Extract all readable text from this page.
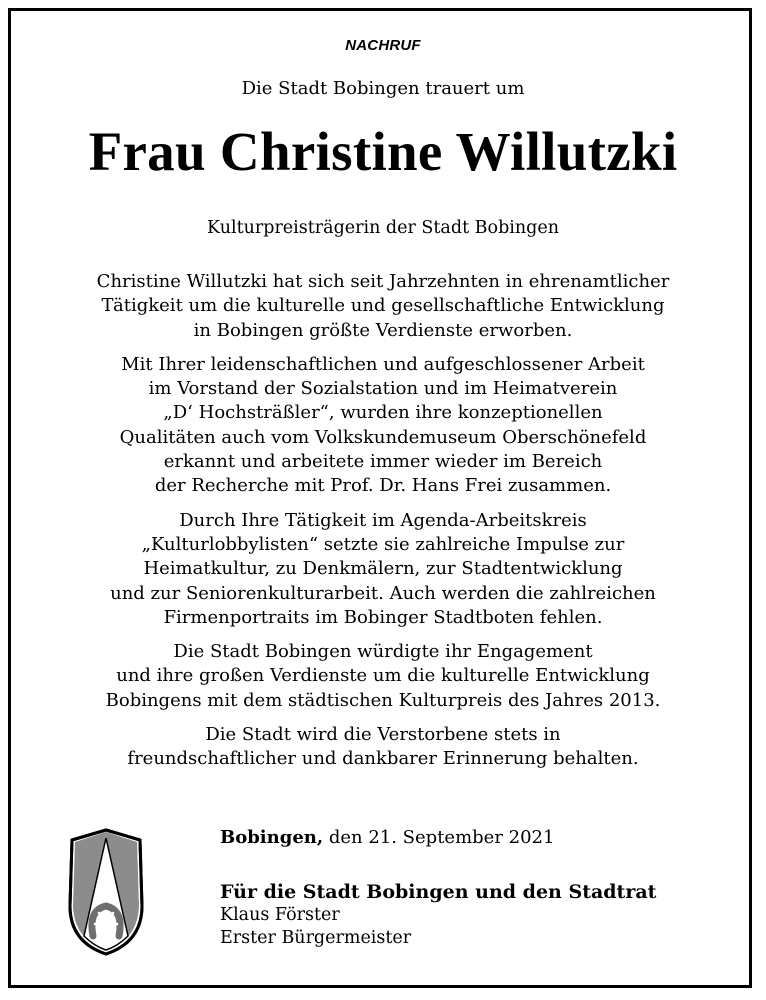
NACHRUF
Die Stadt Bobingen trauert um
Frau Christine Willutzki
Kulturpreisträgerin der Stadt Bobingen

Christine Willutzki hat sich seit Jahrzehnten in ehrenamtlicher
Tätigkeit um die kulturelle und gesellschaftliche Entwicklung
in Bobingen größte Verdienste erworben.

Mit Ihrer leidenschaftlichen und aufgeschlossener Arbeit
im Vorstand der Sozialstation und im Heimatverein
„D‘ Hochsträßler“, wurden ihre konzeptionellen
Qualitäten auch vom Volkskundemuseum Oberschönefeld
erkannt und arbeitete immer wieder im Bereich
der Recherche mit Prof. Dr. Hans Frei zusammen.

Durch Ihre Tätigkeit im Agenda-Arbeitskreis
„Kulturlobbylisten“ setzte sie zahlreiche Impulse zur
Heimatkultur, zu Denkmälern, zur Stadtentwicklung
und zur Seniorenkulturarbeit. Auch werden die zahlreichen
Firmenportraits im Bobinger Stadtboten fehlen.

Die Stadt Bobingen würdigte ihr Engagement
und ihre großen Verdienste um die kulturelle Entwicklung
Bobingens mit dem städtischen Kulturpreis des Jahres 2013.

Die Stadt wird die Verstorbene stets in
freundschaftlicher und dankbarer Erinnerung behalten.

Bobingen, den 21. September 2021
Für die Stadt Bobingen und den Stadtrat
Klaus Förster
Erster Bürgermeister
